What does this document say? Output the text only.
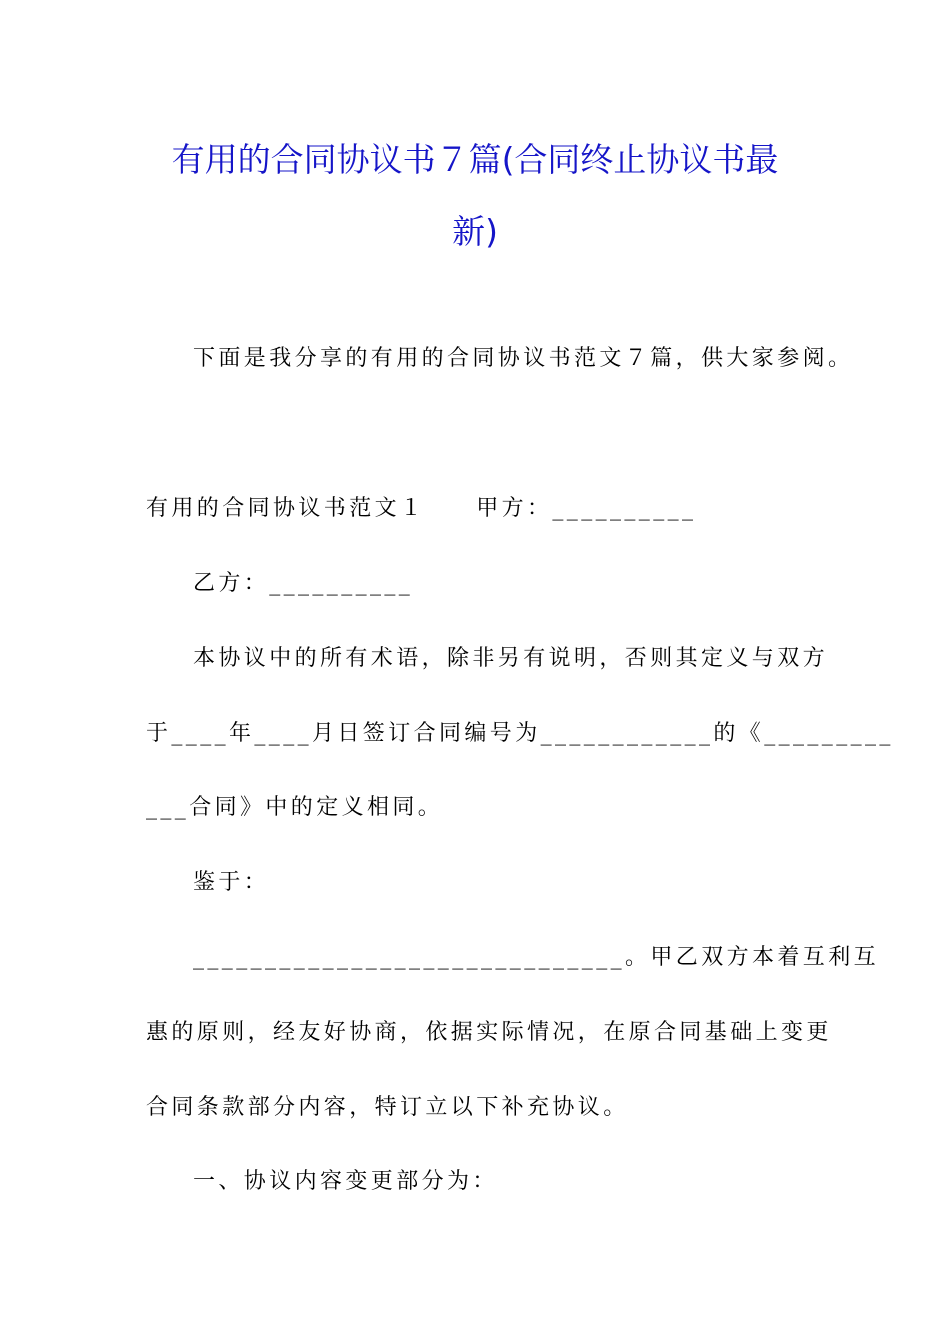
有用的合同协议书７篇(合同终止协议书最
新)
下面是我分享的有用的合同协议书范文７篇，供大家参阅。
有用的合同协议书范文１　　甲方：__________
乙方：__________
本协议中的所有术语，除非另有说明，否则其定义与双方
于____年____月日签订合同编号为____________的《_________
___合同》中的定义相同。
鉴于：
______________________________。甲乙双方本着互利互
惠的原则，经友好协商，依据实际情况，在原合同基础上变更
合同条款部分内容，特订立以下补充协议。
一、协议内容变更部分为：
